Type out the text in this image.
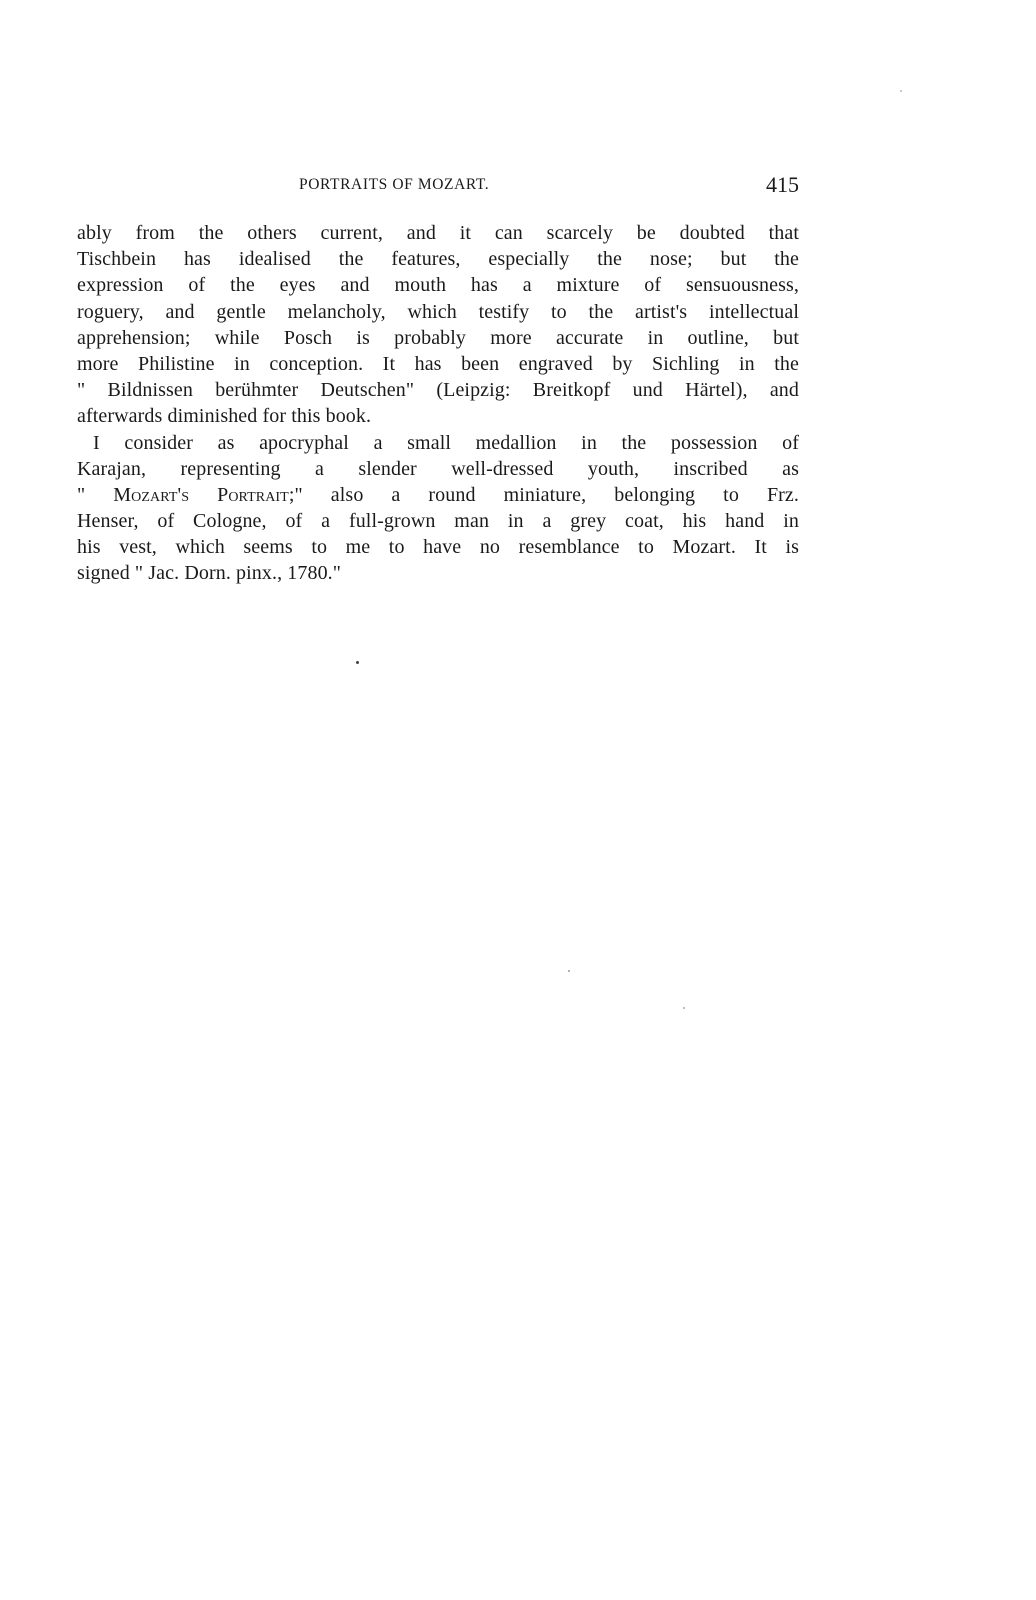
PORTRAITS OF MOZART.	415
ably from the others current, and it can scarcely be doubted that
Tischbein has idealised the features, especially the nose; but the
expression of the eyes and mouth has a mixture of sensuousness,
roguery, and gentle melancholy, which testify to the artist's intellectual
apprehension; while Posch is probably more accurate in outline, but
more Philistine in conception. It has been engraved by Sichling in the
" Bildnissen berühmter Deutschen" (Leipzig: Breitkopf und Härtel), and
afterwards diminished for this book.
I consider as apocryphal a small medallion in the possession of
Karajan, representing a slender well-dressed youth, inscribed as
" Mozart's Portrait;" also a round miniature, belonging to Frz.
Henser, of Cologne, of a full-grown man in a grey coat, his hand in
his vest, which seems to me to have no resemblance to Mozart. It is
signed " Jac. Dorn. pinx., 1780."
